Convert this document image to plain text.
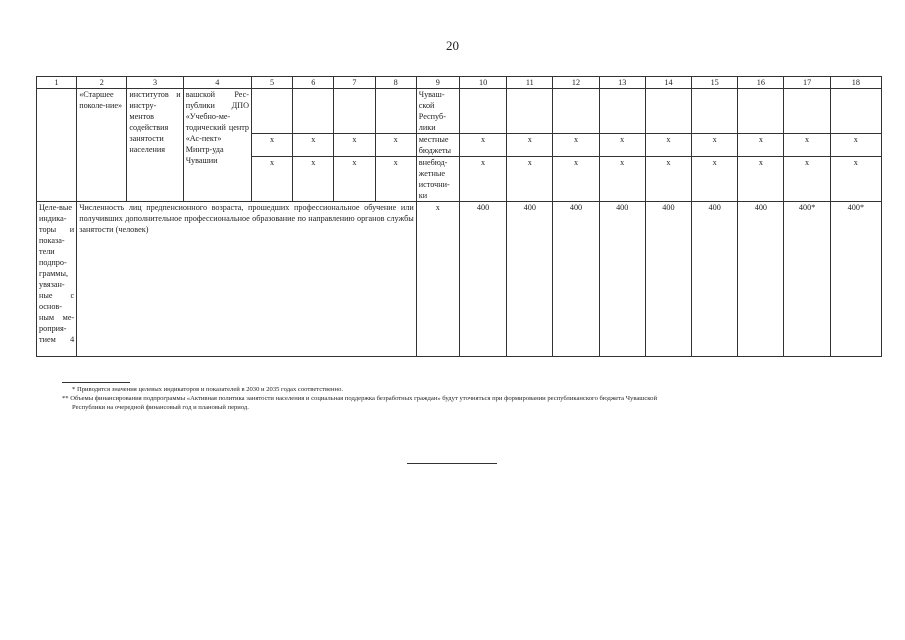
20
1	2	3	4	5	6	7	8	9	10	11	12	13	14	15	16	17	18
	«Старшее поколе-ние»	институтов и инстру-ментов содействия занятости населения	вашской Рес-публики ДПО «Учебно-ме-тодический центр «Ас-пект» Минтр-уда Чувашии					Чуваш-ской Респуб-лики									
				x	x	x	x	местные бюджеты	x	x	x	x	x	x	x	x	x
				x	x	x	x	внебюд-жетные источни-ки	x	x	x	x	x	x	x	x	x
Целе-вые индика-торы и показа-тели подпро-граммы, увязан-ные с основ-ным ме-роприя-тием 4	Численность лиц предпенсионного возраста, прошедших профессиональное обучение или получивших дополнительное профессиональное образование по направлению органов службы занятости (человек)							x	400	400	400	400	400	400	400	400*	400*

* Приводятся значения целевых индикаторов и показателей в 2030 и 2035 годах соответственно.

** Объемы финансирования подпрограммы «Активная политика занятости населения и социальная поддержка безработных граждан» будут уточняться при формировании республиканского бюджета Чувашской

Республики на очередной финансовый год и плановый период.
